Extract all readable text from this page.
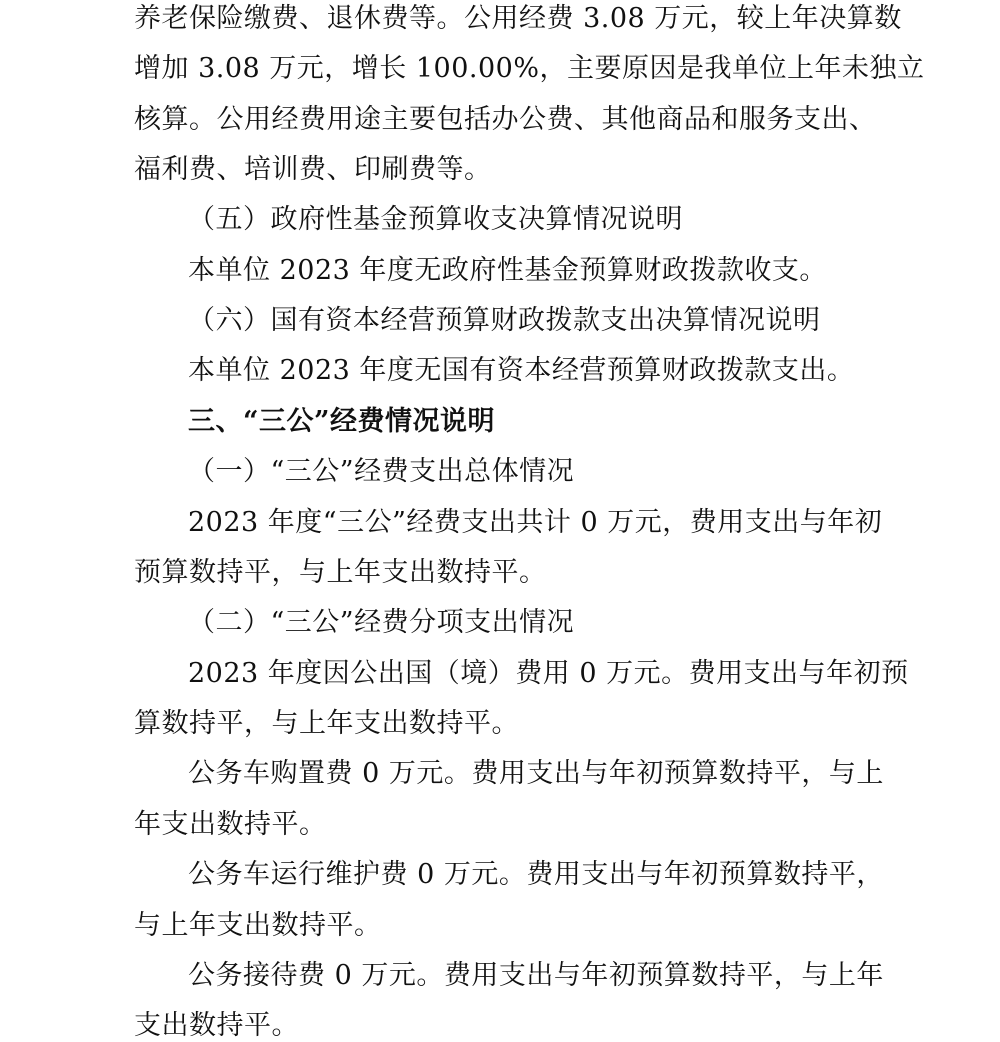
养老保险缴费、退休费等。公用经费 3.08 万元，较上年决算数
增加 3.08 万元，增长 100.00%，主要原因是我单位上年未独立
核算。公用经费用途主要包括办公费、其他商品和服务支出、
福利费、培训费、印刷费等。
（五）政府性基金预算收支决算情况说明
本单位 2023 年度无政府性基金预算财政拨款收支。
（六）国有资本经营预算财政拨款支出决算情况说明
本单位 2023 年度无国有资本经营预算财政拨款支出。
三、“三公”经费情况说明
（一）“三公”经费支出总体情况
2023 年度“三公”经费支出共计 0 万元，费用支出与年初
预算数持平，与上年支出数持平。
（二）“三公”经费分项支出情况
2023 年度因公出国（境）费用 0 万元。费用支出与年初预
算数持平，与上年支出数持平。
公务车购置费 0 万元。费用支出与年初预算数持平，与上
年支出数持平。
公务车运行维护费 0 万元。费用支出与年初预算数持平，
与上年支出数持平。
公务接待费 0 万元。费用支出与年初预算数持平，与上年
支出数持平。
